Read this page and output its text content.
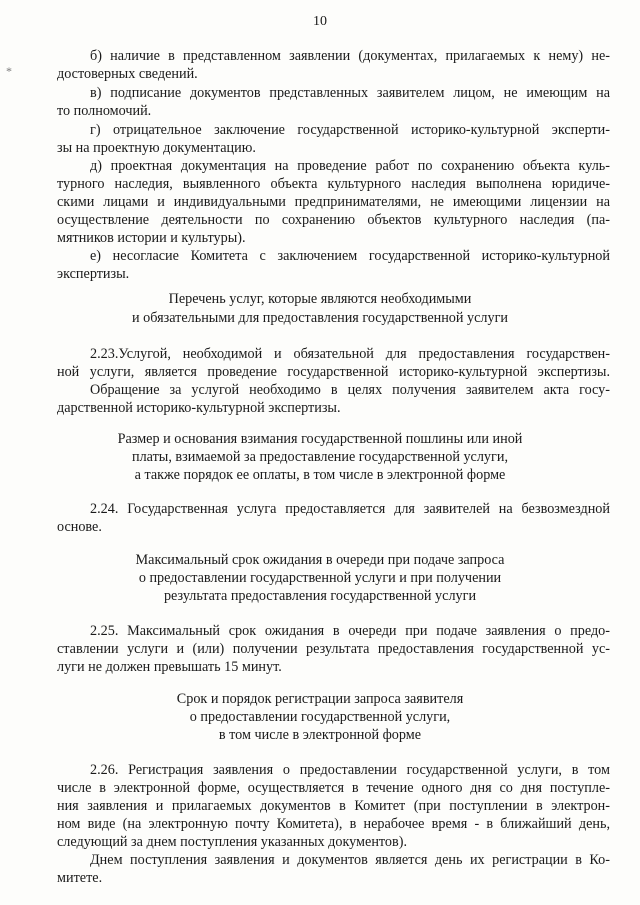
10
*
б) наличие в представленном заявлении (документах, прилагаемых к нему) не-
достоверных сведений.
в) подписание документов представленных заявителем лицом, не имеющим на
то полномочий.
г) отрицательное заключение государственной историко-культурной эксперти-
зы на проектную документацию.
д) проектная документация на проведение работ по сохранению объекта куль-
турного наследия, выявленного объекта культурного наследия выполнена юридиче-
скими лицами и индивидуальными предпринимателями, не имеющими лицензии на
осуществление деятельности по сохранению объектов культурного наследия (па-
мятников истории и культуры).
е) несогласие Комитета с заключением государственной историко-культурной
экспертизы.
Перечень услуг, которые являются необходимыми
и обязательными для предоставления государственной услуги
2.23.Услугой, необходимой и обязательной для предоставления государствен-
ной услуги, является проведение государственной историко-культурной экспертизы.
Обращение за услугой необходимо в целях получения заявителем акта госу-
дарственной историко-культурной экспертизы.
Размер и основания взимания государственной пошлины или иной
платы, взимаемой за предоставление государственной услуги,
а также порядок ее оплаты, в том числе в электронной форме
2.24. Государственная услуга предоставляется для заявителей на безвозмездной
основе.
Максимальный срок ожидания в очереди при подаче запроса
о предоставлении государственной услуги и при получении
результата предоставления государственной услуги
2.25. Максимальный срок ожидания в очереди при подаче заявления о предо-
ставлении услуги и (или) получении результата предоставления государственной ус-
луги не должен превышать 15 минут.
Срок и порядок регистрации запроса заявителя
о предоставлении государственной услуги,
в том числе в электронной форме
2.26. Регистрация заявления о предоставлении государственной услуги, в том
числе в электронной форме, осуществляется в течение одного дня со дня поступле-
ния заявления и прилагаемых документов в Комитет (при поступлении в электрон-
ном виде (на электронную почту Комитета), в нерабочее время - в ближайший день,
следующий за днем поступления указанных документов).
Днем поступления заявления и документов является день их регистрации в Ко-
митете.
